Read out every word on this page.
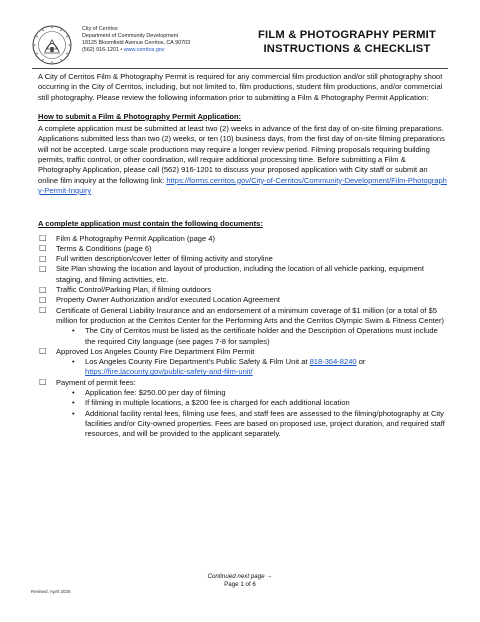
City of Cerritos
Department of Community Development
18125 Bloomfield Avenue Cerritos, CA 90703
(562) 916-1201 • www.cerritos.gov
FILM & PHOTOGRAPHY PERMIT
INSTRUCTIONS & CHECKLIST

A City of Cerritos Film & Photography Permit is required for any commercial film production and/or still photography shoot occurring in the City of Cerritos, including, but not limited to, film productions, student film productions, and/or commercial still photography. Please review the following information prior to submitting a Film & Photography Permit Application:

How to submit a Film & Photography Permit Application:

A complete application must be submitted at least two (2) weeks in advance of the first day of on-site filming preparations. Applications submitted less than two (2) weeks, or ten (10) business days, from the first day of on-site filming preparations will not be accepted. Large scale productions may require a longer review period. Filming proposals requiring building permits, traffic control, or other coordination, will require additional processing time. Before submitting a Film & Photography Application, please call (562) 916-1201 to discuss your proposed application with City staff or submit an online film inquiry at the following link: https://forms.cerritos.gov/City-of-Cerritos/Community-Development/Film-Photography-Permit-Inquiry

A complete application must contain the following documents:

□ Film & Photography Permit Application (page 4)
□ Terms & Conditions (page 6)
□ Full written description/cover letter of filming activity and storyline
□ Site Plan showing the location and layout of production, including the location of all vehicle parking, equipment staging, and filming activities, etc.
□ Traffic Control/Parking Plan, if filming outdoors
□ Property Owner Authorization and/or executed Location Agreement
□ Certificate of General Liability Insurance and an endorsement of a minimum coverage of $1 million (or a total of $5 million for production at the Cerritos Center for the Performing Arts and the Cerritos Olympic Swim & Fitness Center)
• The City of Cerritos must be listed as the certificate holder and the Description of Operations must include the required City language (see pages 7-8 for samples)
□ Approved Los Angeles County Fire Department Film Permit
• Los Angeles County Fire Department's Public Safety & Film Unit at 818-364-8240 or
https://fire.lacounty.gov/public-safety-and-film-unit/
□ Payment of permit fees:
• Application fee: $250.00 per day of filming
• If filming in multiple locations, a $200 fee is charged for each additional location
• Additional facility rental fees, filming use fees, and staff fees are assessed to the filming/photography at City facilities and/or City-owned properties. Fees are based on proposed use, project duration, and required staff resources, and will be provided to the applicant separately.
Continued next page →
Page 1 of 6
Revised: April 2025
